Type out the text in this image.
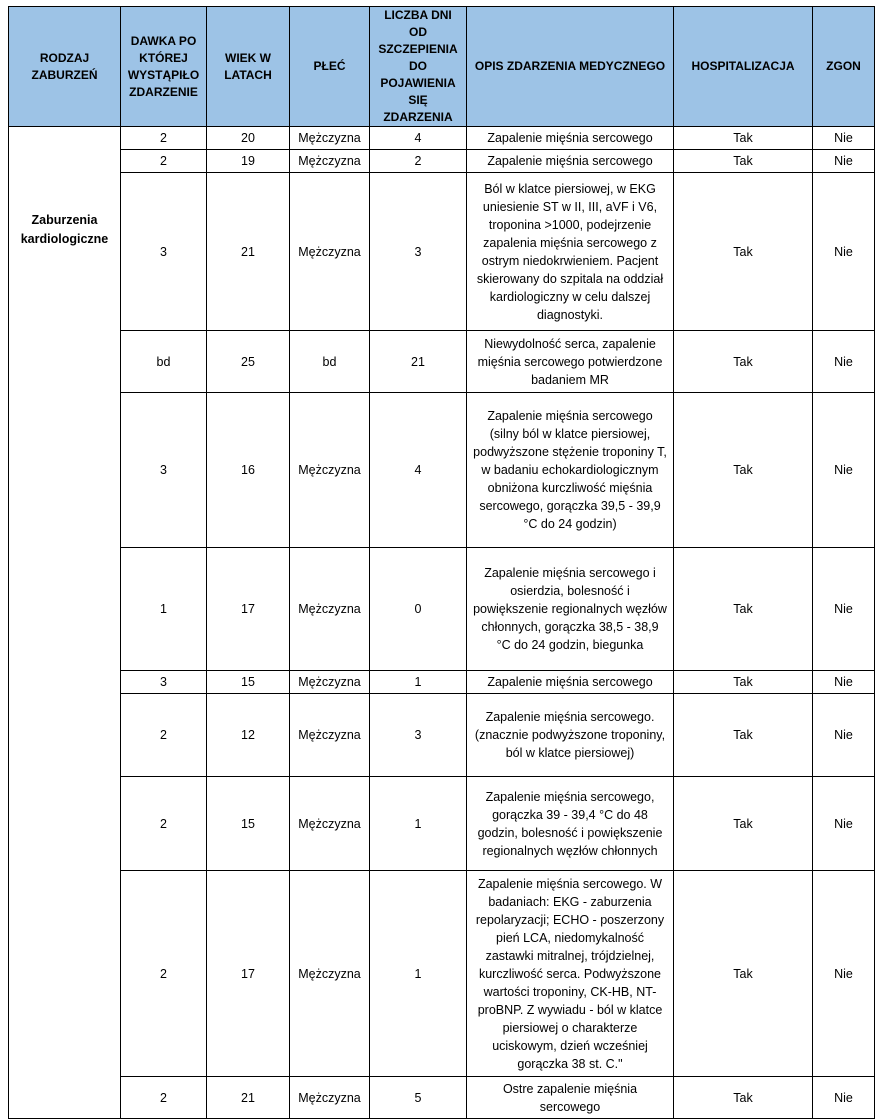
RODZAJ ZABURZEŃ	DAWKA PO KTÓREJ WYSTĄPIŁO ZDARZENIE	WIEK W LATACH	PŁEĆ	LICZBA DNI OD SZCZEPIENIA DO POJAWIENIA SIĘ ZDARZENIA	OPIS ZDARZENIA MEDYCZNEGO	HOSPITALIZACJA	ZGON
Zaburzenia kardiologiczne	2	20	Mężczyzna	4	Zapalenie mięśnia sercowego	Tak	Nie
	2	19	Mężczyzna	2	Zapalenie mięśnia sercowego	Tak	Nie
	3	21	Mężczyzna	3	Ból w klatce piersiowej, w EKG uniesienie ST w II, III, aVF i V6, troponina >1000, podejrzenie zapalenia mięśnia sercowego z ostrym niedokrwieniem. Pacjent skierowany do szpitala na oddział kardiologiczny w celu dalszej diagnostyki.	Tak	Nie
	bd	25	bd	21	Niewydolność serca, zapalenie mięśnia sercowego potwierdzone badaniem MR	Tak	Nie
	3	16	Mężczyzna	4	Zapalenie mięśnia sercowego (silny ból w klatce piersiowej, podwyższone stężenie troponiny T, w badaniu echokardiologicznym obniżona kurczliwość mięśnia sercowego, gorączka 39,5 - 39,9 °C do 24 godzin)	Tak	Nie
	1	17	Mężczyzna	0	Zapalenie mięśnia sercowego i osierdzia, bolesność i powiększenie regionalnych węzłów chłonnych, gorączka 38,5 - 38,9 °C do 24 godzin, biegunka	Tak	Nie
	3	15	Mężczyzna	1	Zapalenie mięśnia sercowego	Tak	Nie
	2	12	Mężczyzna	3	Zapalenie mięśnia sercowego. (znacznie podwyższone troponiny, ból w klatce piersiowej)	Tak	Nie
	2	15	Mężczyzna	1	Zapalenie mięśnia sercowego, gorączka 39 - 39,4 °C do 48 godzin, bolesność i powiększenie regionalnych węzłów chłonnych	Tak	Nie
	2	17	Mężczyzna	1	Zapalenie mięśnia sercowego. W badaniach: EKG - zaburzenia repolaryzacji; ECHO - poszerzony pień LCA, niedomykalność zastawki mitralnej, trójdzielnej, kurczliwość serca. Podwyższone wartości troponiny, CK-HB, NT-proBNP. Z wywiadu - ból w klatce piersiowej o charakterze uciskowym, dzień wcześniej gorączka 38 st. C."	Tak	Nie
	2	21	Mężczyzna	5	Ostre zapalenie mięśnia sercowego	Tak	Nie
